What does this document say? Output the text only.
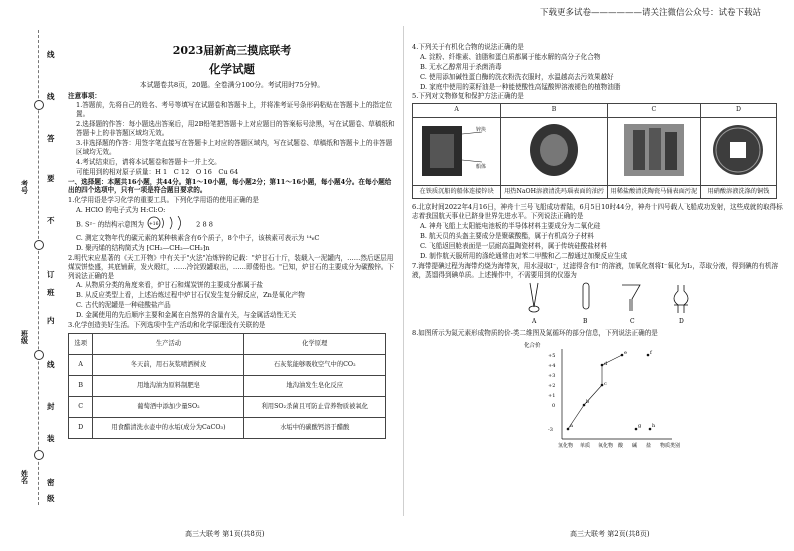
下载更多试卷——————请关注微信公众号：试卷下载站
考号
班级
姓名
线
答
要
不
内
线
封
密
订
线
装
班
级
2023届新高三摸底联考
化学试题
本试题卷共8页，20题。全卷满分100分。考试用时75分钟。
注意事项：
1.答题前，先将自己的姓名、考号等填写在试题卷和答题卡上，并将准考证号条形码粘贴在答题卡上的指定位置。
2.选择题的作答：每小题选出答案后，用2B铅笔把答题卡上对应题目的答案标号涂黑，写在试题卷、草稿纸和答题卡上的非答题区域均无效。
3.非选择题的作答：用签字笔直接写在答题卡上对应的答题区域内，写在试题卷、草稿纸和答题卡上的非答题区域均无效。
4.考试结束后，请将本试题卷和答题卡一并上交。
可能用到的相对原子质量：H 1　C 12　O 16　Cu 64
一、选择题：本题共16小题，共44分。第1～10小题，每小题2分；第11～16小题，每小题4分。在每小题给出的四个选项中，只有一项是符合题目要求的。
1.化学用语是学习化学的重要工具。下列化学用语的使用正确的是
A. HClO 的电子式为 H:Cl:O:
B. S²⁻ 的结构示意图为 +16	2 8 8
C. 测定文物年代的碳元素的某种核素含有6个质子，8个中子，该核素可表示为 ¹⁴₆C
D. 聚丙烯的结构简式为 ⁅CH₂—CH₂—CH₂⁆n
2.明代宋应星著的《天工开物》中有关于"火法"冶炼锌的记载："炉甘石十斤，装载入一泥罐内，……然后逐层用煤炭饼垫盛，其底铺薪，发火煅红，……冷淀毁罐取出，……即倭铅也。"已知，炉甘石的主要成分为碳酸锌。下列说法正确的是
A. 从物质分类的角度来看，炉甘石和煤炭饼的主要成分都属于盐
B. 从反应类型上看，上述冶炼过程中炉甘石仅发生复分解反应，Zn是氧化产物
C. 古代的泥罐是一种硅酸盐产品
D. 金属使用的先后顺序主要和金属在自然界的含量有关，与金属活动性无关
3.化学创造美好生活。下列选项中生产活动和化学原理没有关联的是
选项	生产活动	化学原理
A	冬天前，用石灰浆喷洒树皮	石灰浆能够吸收空气中的CO₂
B	用地沟油为原料制肥皂	地沟油发生皂化反应
C	葡萄酒中添加少量SO₂	利用SO₂杀菌且可防止营养物质被氧化
D	用食醋清洗水壶中的水垢(成分为CaCO₃)	水垢中的碳酸钙溶于醋酸
高三大联考 第1页(共8页)
4.下列关于有机化合物的说法正确的是
A. 淀粉、纤维素、油脂和蛋白质都属于能水解的高分子化合物
B. 无水乙醇常用于杀菌消毒
C. 使用添加碱性蛋白酶的洗衣粉洗衣服时，水温越高去污效果越好
D. 家庭中使用的菜籽油是一种能使酸性高锰酸钾溶液褪色的植物油脂
5.下列对文物修复和保护方法正确的是
A	B	C	D

锌块
船体

在铁质沉船的船体连接锌块	用热NaOH溶液清洗玛瑙表面的油污	用稀盐酸清洗陶瓷马俑表面污泥	用硝酸溶液洗涤的铜钱
6.北京时间2022年4月16日，神舟十三号飞船成功着陆，6月5日10时44分，神舟十四号载人飞船成功发射，这些成就的取得标志着我国航天事业已跻身世界先进水平。下列说法正确的是
A. 神舟飞船上太阳能电池板的半导体材料主要成分为二氧化硅
B. 航天员的头盔主要成分是聚碳酸酯，属于有机高分子材料
C. 飞船返回舱表面是一层耐高温陶瓷材料，属于传统硅酸盐材料
D. 制作航天服所用的涤纶通常由对苯二甲酸和乙二醇通过加聚反应生成
7.海带提碘过程为海带灼烧为海带灰，用水浸取I⁻，过滤得含有I⁻的溶液，加氧化剂将I⁻氧化为I₂，萃取分液，得到碘的有机溶液，蒸馏得到碘单质。上述操作中，不需要用到的仪器为
A	B	C	D
8.如图所示为氮元素形成物质的价-类二维图及氮循环的部分信息，下列说法正确的是
化合价
+5
+4
+3
+2
+1
0
-3
氢化物 单质 氧化物 酸 碱 盐 物质类别
a
b
c
d
e	f
g h
高三大联考 第2页(共8页)
